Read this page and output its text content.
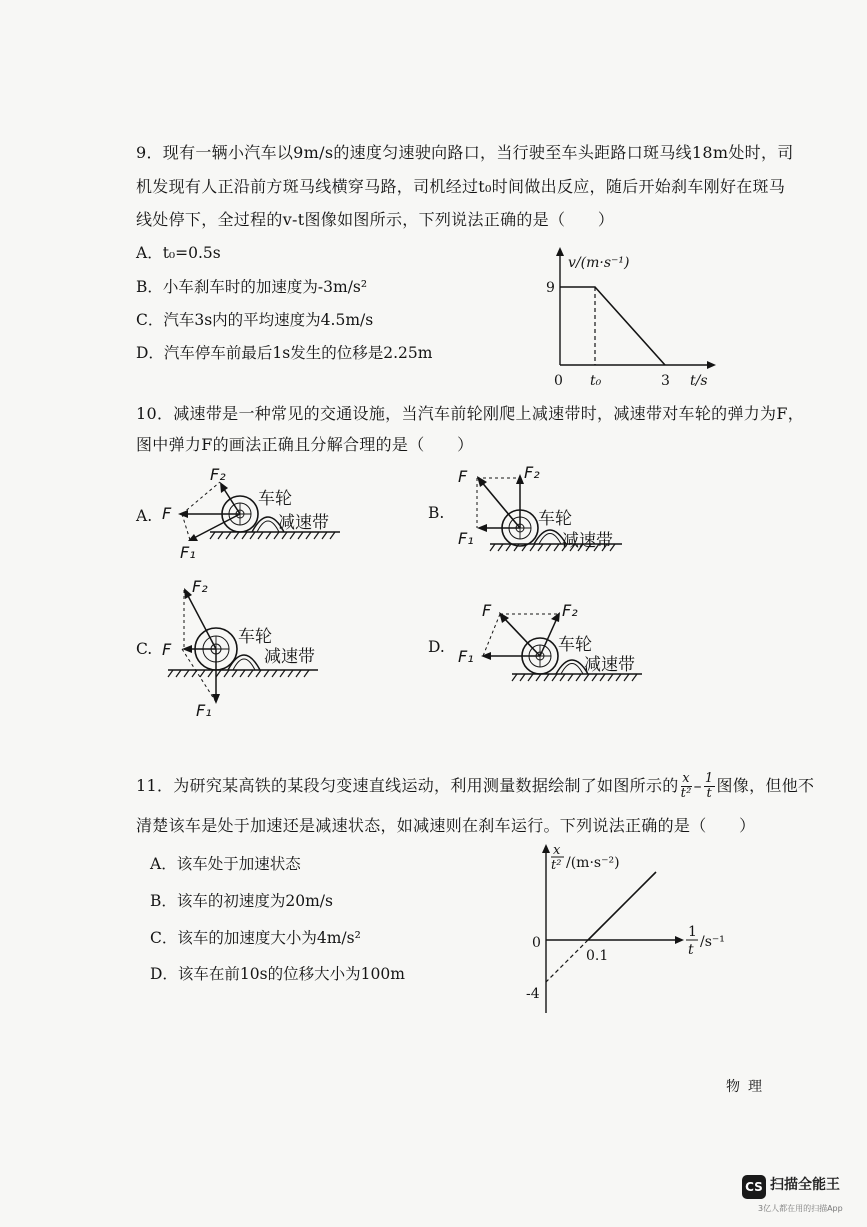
9．现有一辆小汽车以9m/s的速度匀速驶向路口，当行驶至车头距路口斑马线18m处时，司
机发现有人正沿前方斑马线横穿马路，司机经过t₀时间做出反应，随后开始刹车刚好在斑马
线处停下，全过程的v-t图像如图所示，下列说法正确的是（　　）
A．t₀=0.5s
B．小车刹车时的加速度为-3m/s²
C．汽车3s内的平均速度为4.5m/s
D．汽车停车前最后1s发生的位移是2.25m
v/(m·s⁻¹)
9
0 t₀	3 t/s
10．减速带是一种常见的交通设施，当汽车前轮刚爬上减速带时，减速带对车轮的弹力为F，
图中弹力F的画法正确且分解合理的是（　　）
A. F
F₂
F₁
车轮
减速带	B.
F	F₂
F₁
车轮
减速带
C. F
F₂
F₁
车轮
减速带	D.
F	F₂
F₁
车轮
减速带
11．为研究某高铁的某段匀变速直线运动，利用测量数据绘制了如图所示的 $\frac{x}{\text{t²}} - \frac{1}{t}$ 图像，但他不
清楚该车是处于加速还是减速状态，如减速则在刹车运行。下列说法正确的是（　　）
A．该车处于加速状态
B．该车的初速度为20m/s
C．该车的加速度大小为4m/s²
D．该车在前10s的位移大小为100m
x
t² /(m·s⁻²)
0
0.1
-4
1
t /s⁻¹
物理
CS 扫描全能王
3亿人都在用的扫描App
